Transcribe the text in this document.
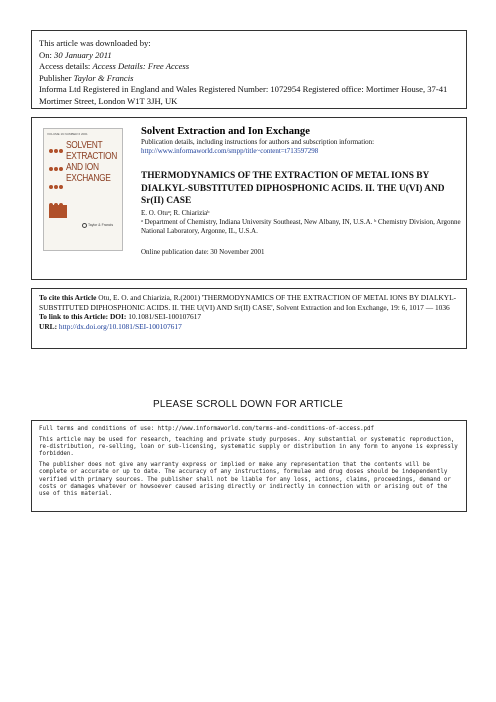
This article was downloaded by:
On: 30 January 2011
Access details: Access Details: Free Access
Publisher Taylor & Francis
Informa Ltd Registered in England and Wales Registered Number: 1072954 Registered office: Mortimer House, 37-41 Mortimer Street, London W1T 3JH, UK
VOLUME 19 NUMBER 6 2001

SOLVENT
EXTRACTION
AND ION
EXCHANGE
Taylor & Francis
Solvent Extraction and Ion Exchange
Publication details, including instructions for authors and subscription information:
http://www.informaworld.com/smpp/title~content=t713597298
THERMODYNAMICS OF THE EXTRACTION OF METAL IONS BY DIALKYL-SUBSTITUTED DIPHOSPHONIC ACIDS. II. THE U(VI) AND Sr(II) CASE
E. O. Otuᵃ; R. Chiariziaᵇ
ᵃ Department of Chemistry, Indiana University Southeast, New Albany, IN, U.S.A. ᵇ Chemistry Division, Argonne National Laboratory, Argonne, IL, U.S.A.
Online publication date: 30 November 2001
To cite this Article Otu, E. O. and Chiarizia, R.(2001) 'THERMODYNAMICS OF THE EXTRACTION OF METAL IONS BY DIALKYL-SUBSTITUTED DIPHOSPHONIC ACIDS. II. THE U(VI) AND Sr(II) CASE', Solvent Extraction and Ion Exchange, 19: 6, 1017 — 1036
To link to this Article: DOI: 10.1081/SEI-100107617
URL: http://dx.doi.org/10.1081/SEI-100107617
PLEASE SCROLL DOWN FOR ARTICLE

Full terms and conditions of use: http://www.informaworld.com/terms-and-conditions-of-access.pdf

This article may be used for research, teaching and private study purposes. Any substantial or systematic reproduction, re-distribution, re-selling, loan or sub-licensing, systematic supply or distribution in any form to anyone is expressly forbidden.

The publisher does not give any warranty express or implied or make any representation that the contents will be complete or accurate or up to date. The accuracy of any instructions, formulae and drug doses should be independently verified with primary sources. The publisher shall not be liable for any loss, actions, claims, proceedings, demand or costs or damages whatever or howsoever caused arising directly or indirectly in connection with or arising out of the use of this material.
